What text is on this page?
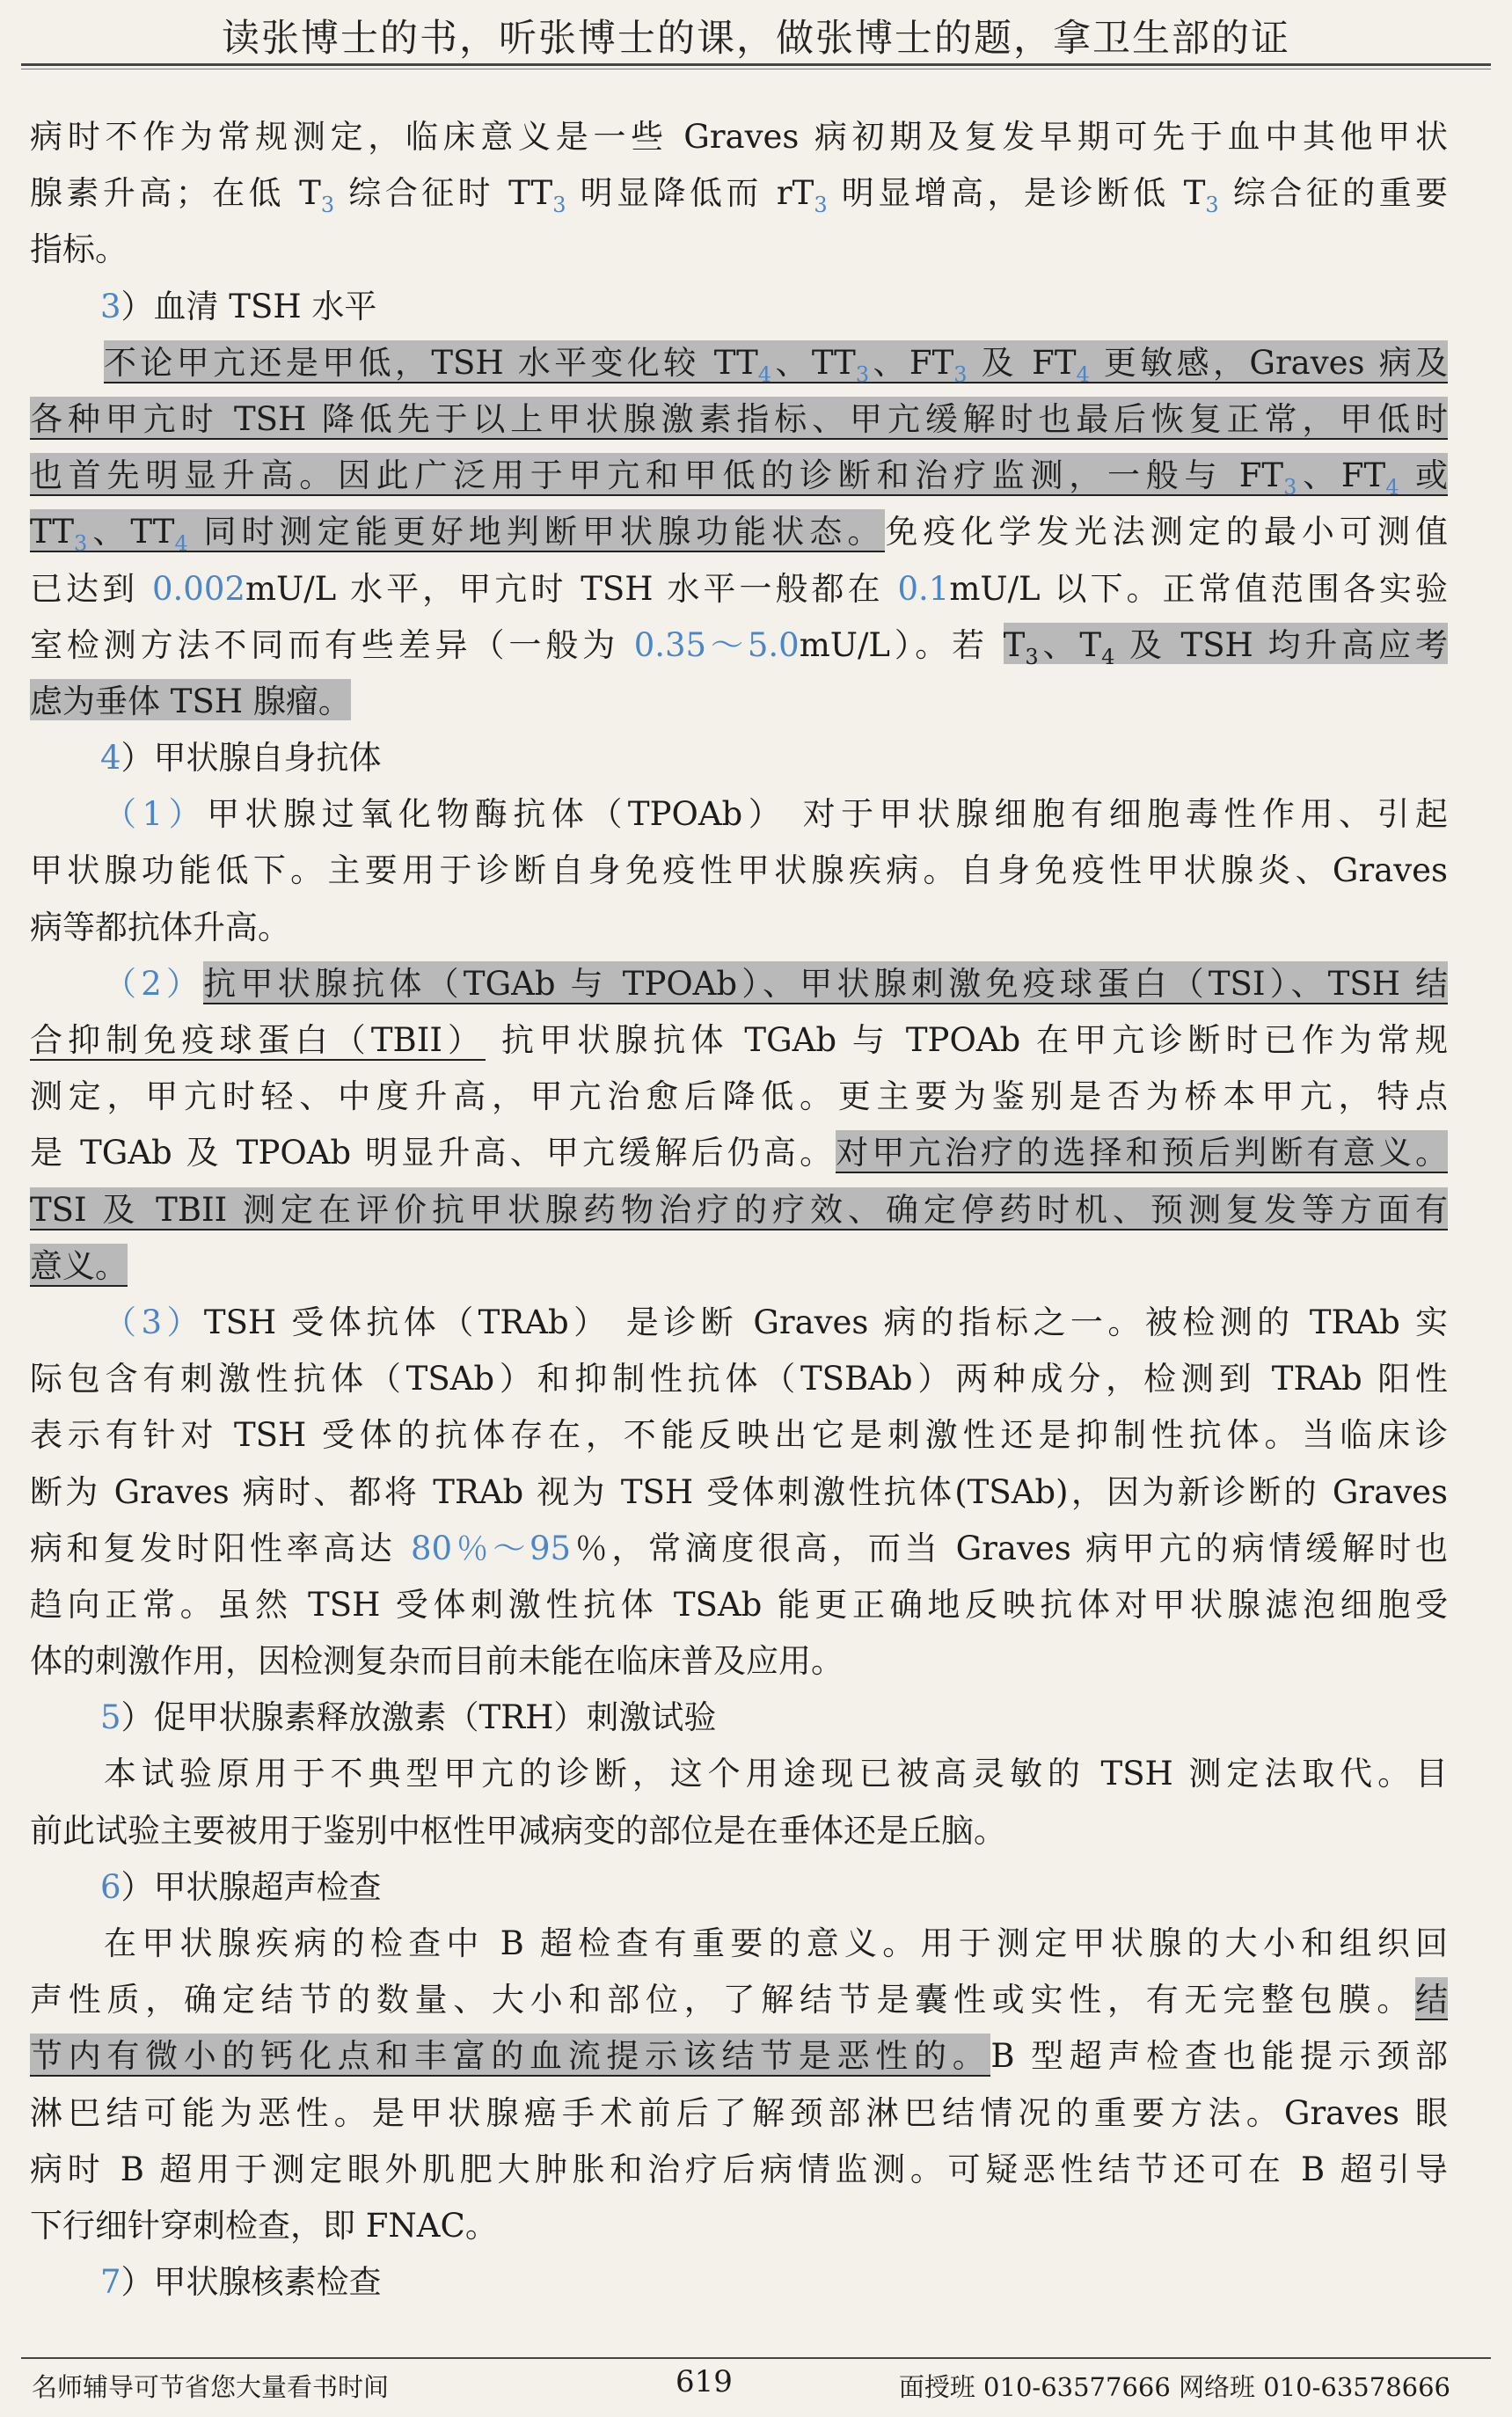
读张博士的书，听张博士的课，做张博士的题，拿卫生部的证
病时不作为常规测定，临床意义是一些 Graves 病初期及复发早期可先于血中其他甲状
腺素升高；在低 $T_3$ 综合征时 $TT_3$ 明显降低而 $rT_3$ 明显增高，是诊断低 $T_3$ 综合征的重要
指标。
3）血清 TSH 水平
不论甲亢还是甲低，TSH 水平变化较 $TT_4$、$TT_3$、$FT_3$ 及 $FT_4$ 更敏感，Graves 病及
各种甲亢时 TSH 降低先于以上甲状腺激素指标、甲亢缓解时也最后恢复正常，甲低时
也首先明显升高。因此广泛用于甲亢和甲低的诊断和治疗监测，一般与 $FT_3$、$FT_4$ 或
$TT_3$、$TT_4$ 同时测定能更好地判断甲状腺功能状态。免疫化学发光法测定的最小可测值
已达到 0.002mU/L 水平，甲亢时 TSH 水平一般都在 0.1mU/L 以下。正常值范围各实验
室检测方法不同而有些差异（一般为 0.35～5.0mU/L）。若 $T_3$、$T_4$ 及 TSH 均升高应考
虑为垂体 TSH 腺瘤。
4）甲状腺自身抗体
（1）甲状腺过氧化物酶抗体（TPOAb） 对于甲状腺细胞有细胞毒性作用、引起
甲状腺功能低下。主要用于诊断自身免疫性甲状腺疾病。自身免疫性甲状腺炎、Graves
病等都抗体升高。
（2）抗甲状腺抗体（TGAb 与 TPOAb）、甲状腺刺激免疫球蛋白（TSI）、TSH 结
合抑制免疫球蛋白（TBII） 抗甲状腺抗体 TGAb 与 TPOAb 在甲亢诊断时已作为常规
测定，甲亢时轻、中度升高，甲亢治愈后降低。更主要为鉴别是否为桥本甲亢，特点
是 TGAb 及 TPOAb 明显升高、甲亢缓解后仍高。对甲亢治疗的选择和预后判断有意义。
TSI 及 TBII 测定在评价抗甲状腺药物治疗的疗效、确定停药时机、预测复发等方面有
意义。
（3）TSH 受体抗体（TRAb） 是诊断 Graves 病的指标之一。被检测的 TRAb 实
际包含有刺激性抗体（TSAb）和抑制性抗体（TSBAb）两种成分，检测到 TRAb 阳性
表示有针对 TSH 受体的抗体存在，不能反映出它是刺激性还是抑制性抗体。当临床诊
断为 Graves 病时、都将 TRAb 视为 TSH 受体刺激性抗体(TSAb)，因为新诊断的 Graves
病和复发时阳性率高达 80％～95％，常滴度很高，而当 Graves 病甲亢的病情缓解时也
趋向正常。虽然 TSH 受体刺激性抗体 TSAb 能更正确地反映抗体对甲状腺滤泡细胞受
体的刺激作用，因检测复杂而目前未能在临床普及应用。
5）促甲状腺素释放激素（TRH）刺激试验
本试验原用于不典型甲亢的诊断，这个用途现已被高灵敏的 TSH 测定法取代。目
前此试验主要被用于鉴别中枢性甲减病变的部位是在垂体还是丘脑。
6）甲状腺超声检查
在甲状腺疾病的检查中 B 超检查有重要的意义。用于测定甲状腺的大小和组织回
声性质，确定结节的数量、大小和部位，了解结节是囊性或实性，有无完整包膜。结
节内有微小的钙化点和丰富的血流提示该结节是恶性的。B 型超声检查也能提示颈部
淋巴结可能为恶性。是甲状腺癌手术前后了解颈部淋巴结情况的重要方法。Graves 眼
病时 B 超用于测定眼外肌肥大肿胀和治疗后病情监测。可疑恶性结节还可在 B 超引导
下行细针穿刺检查，即 FNAC。
7）甲状腺核素检查
名师辅导可节省您大量看书时间	619	面授班 010-63577666 网络班 010-63578666
